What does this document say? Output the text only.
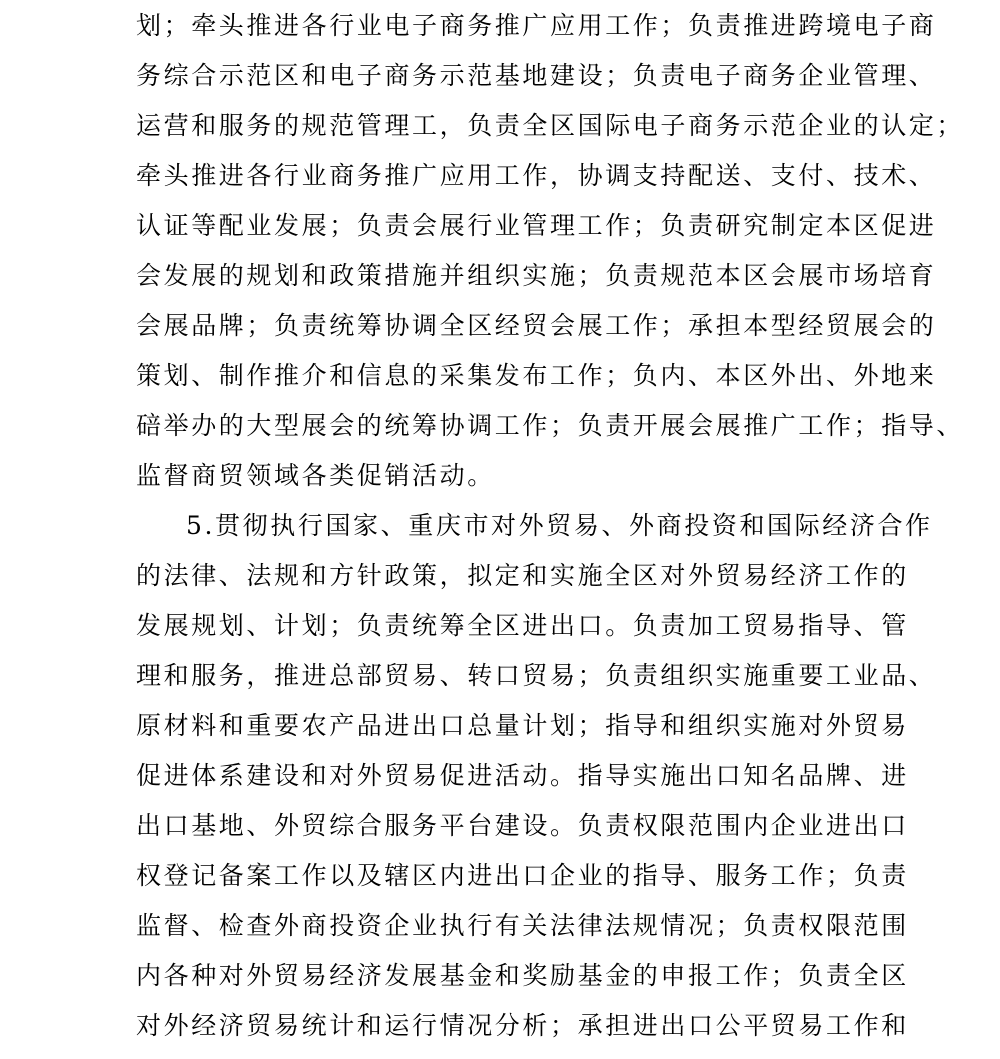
划；牵头推进各行业电子商务推广应用工作；负责推进跨境电子商
务综合示范区和电子商务示范基地建设；负责电子商务企业管理、
运营和服务的规范管理工，负责全区国际电子商务示范企业的认定；
牵头推进各行业商务推广应用工作，协调支持配送、支付、技术、
认证等配业发展；负责会展行业管理工作；负责研究制定本区促进
会发展的规划和政策措施并组织实施；负责规范本区会展市场培育
会展品牌；负责统筹协调全区经贸会展工作；承担本型经贸展会的
策划、制作推介和信息的采集发布工作；负内、本区外出、外地来
碚举办的大型展会的统筹协调工作；负责开展会展推广工作；指导、
监督商贸领域各类促销活动。
5.贯彻执行国家、重庆市对外贸易、外商投资和国际经济合作
的法律、法规和方针政策，拟定和实施全区对外贸易经济工作的
发展规划、计划；负责统筹全区进出口。负责加工贸易指导、管
理和服务，推进总部贸易、转口贸易；负责组织实施重要工业品、
原材料和重要农产品进出口总量计划；指导和组织实施对外贸易
促进体系建设和对外贸易促进活动。指导实施出口知名品牌、进
出口基地、外贸综合服务平台建设。负责权限范围内企业进出口
权登记备案工作以及辖区内进出口企业的指导、服务工作；负责
监督、检查外商投资企业执行有关法律法规情况；负责权限范围
内各种对外贸易经济发展基金和奖励基金的申报工作；负责全区
对外经济贸易统计和运行情况分析；承担进出口公平贸易工作和
